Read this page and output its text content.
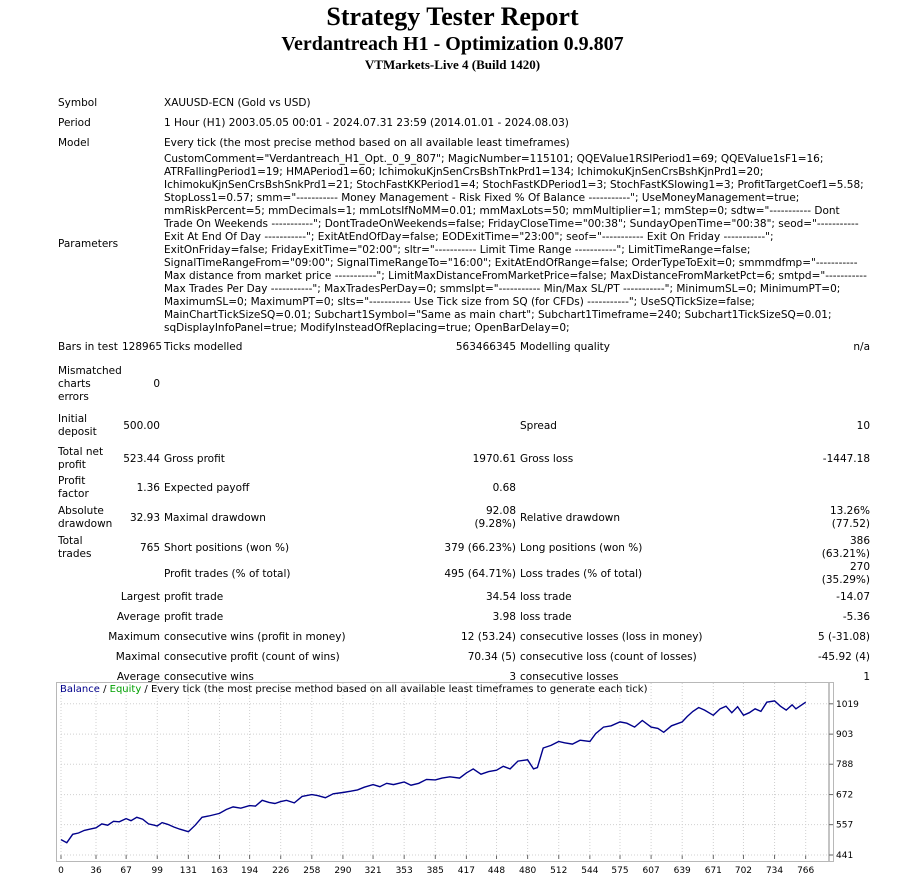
Strategy Tester Report
Verdantreach H1 - Optimization 0.9.807
VTMarkets-Live 4 (Build 1420)
Symbol		XAUUSD-ECN (Gold vs USD)			
Period		1 Hour (H1) 2003.05.05 00:01 - 2024.07.31 23:59 (2014.01.01 - 2024.08.03)			
Model		Every tick (the most precise method based on all available least timeframes)			
Parameters		CustomComment="Verdantreach_H1_Opt._0_9_807"; MagicNumber=115101; QQEValue1RSIPeriod1=69; QQEValue1sF1=16; ATRFallingPeriod1=19; HMAPeriod1=60; IchimokuKjnSenCrsBshTnkPrd1=134; IchimokuKjnSenCrsBshKjnPrd1=20; IchimokuKjnSenCrsBshSnkPrd1=21; StochFastKKPeriod1=4; StochFastKDPeriod1=3; StochFastKSlowing1=3; ProfitTargetCoef1=5.58; StopLoss1=0.57; smm="----------- Money Management - Risk Fixed % Of Balance -----------"; UseMoneyManagement=true; mmRiskPercent=5; mmDecimals=1; mmLotsIfNoMM=0.01; mmMaxLots=50; mmMultiplier=1; mmStep=0; sdtw="----------- Dont Trade On Weekends -----------"; DontTradeOnWeekends=false; FridayCloseTime="00:38"; SundayOpenTime="00:38"; seod="----------- Exit At End Of Day -----------"; ExitAtEndOfDay=false; EODExitTime="23:00"; seof="----------- Exit On Friday -----------"; ExitOnFriday=false; FridayExitTime="02:00"; sltr="----------- Limit Time Range -----------"; LimitTimeRange=false; SignalTimeRangeFrom="09:00"; SignalTimeRangeTo="16:00"; ExitAtEndOfRange=false; OrderTypeToExit=0; smmmdfmp="----------- Max distance from market price -----------"; LimitMaxDistanceFromMarketPrice=false; MaxDistanceFromMarketPct=6; smtpd="----------- Max Trades Per Day -----------"; MaxTradesPerDay=0; smmslpt="----------- Min/Max SL/PT -----------"; MinimumSL=0; MinimumPT=0; MaximumSL=0; MaximumPT=0; slts="----------- Use Tick size from SQ (for CFDs) -----------"; UseSQTickSize=false; MainChartTickSizeSQ=0.01; Subchart1Symbol="Same as main chart"; Subchart1Timeframe=240; Subchart1TickSizeSQ=0.01; sqDisplayInfoPanel=true; ModifyInsteadOfReplacing=true; OpenBarDelay=0;			
Bars in test	128965	Ticks modelled	563466345	Modelling quality	n/a
Mismatched charts errors	0				
Initial deposit	500.00			Spread	10
Total net profit	523.44	Gross profit	1970.61	Gross loss	-1447.18
Profit factor	1.36	Expected payoff	0.68		
Absolute drawdown	32.93	Maximal drawdown	92.08 (9.28%)	Relative drawdown	13.26% (77.52)
Total trades	765	Short positions (won %)	379 (66.23%)	Long positions (won %)	386 (63.21%)
		Profit trades (% of total)	495 (64.71%)	Loss trades (% of total)	270 (35.29%)
Largest		profit trade	34.54	loss trade	-14.07
Average		profit trade	3.98	loss trade	-5.36
Maximum		consecutive wins (profit in money)	12 (53.24)	consecutive losses (loss in money)	5 (-31.08)
Maximal		consecutive profit (count of wins)	70.34 (5)	consecutive loss (count of losses)	-45.92 (4)
Average		consecutive wins	3	consecutive losses	1
0	36 67 99 131 163 194 226 258 290 321 353 385 417 448 480 512 544 575 607 639 671 702 734 766
441
557
672
788
903
1019
Balance / Equity / Every tick (the most precise method based on all available least timeframes to generate each tick)
